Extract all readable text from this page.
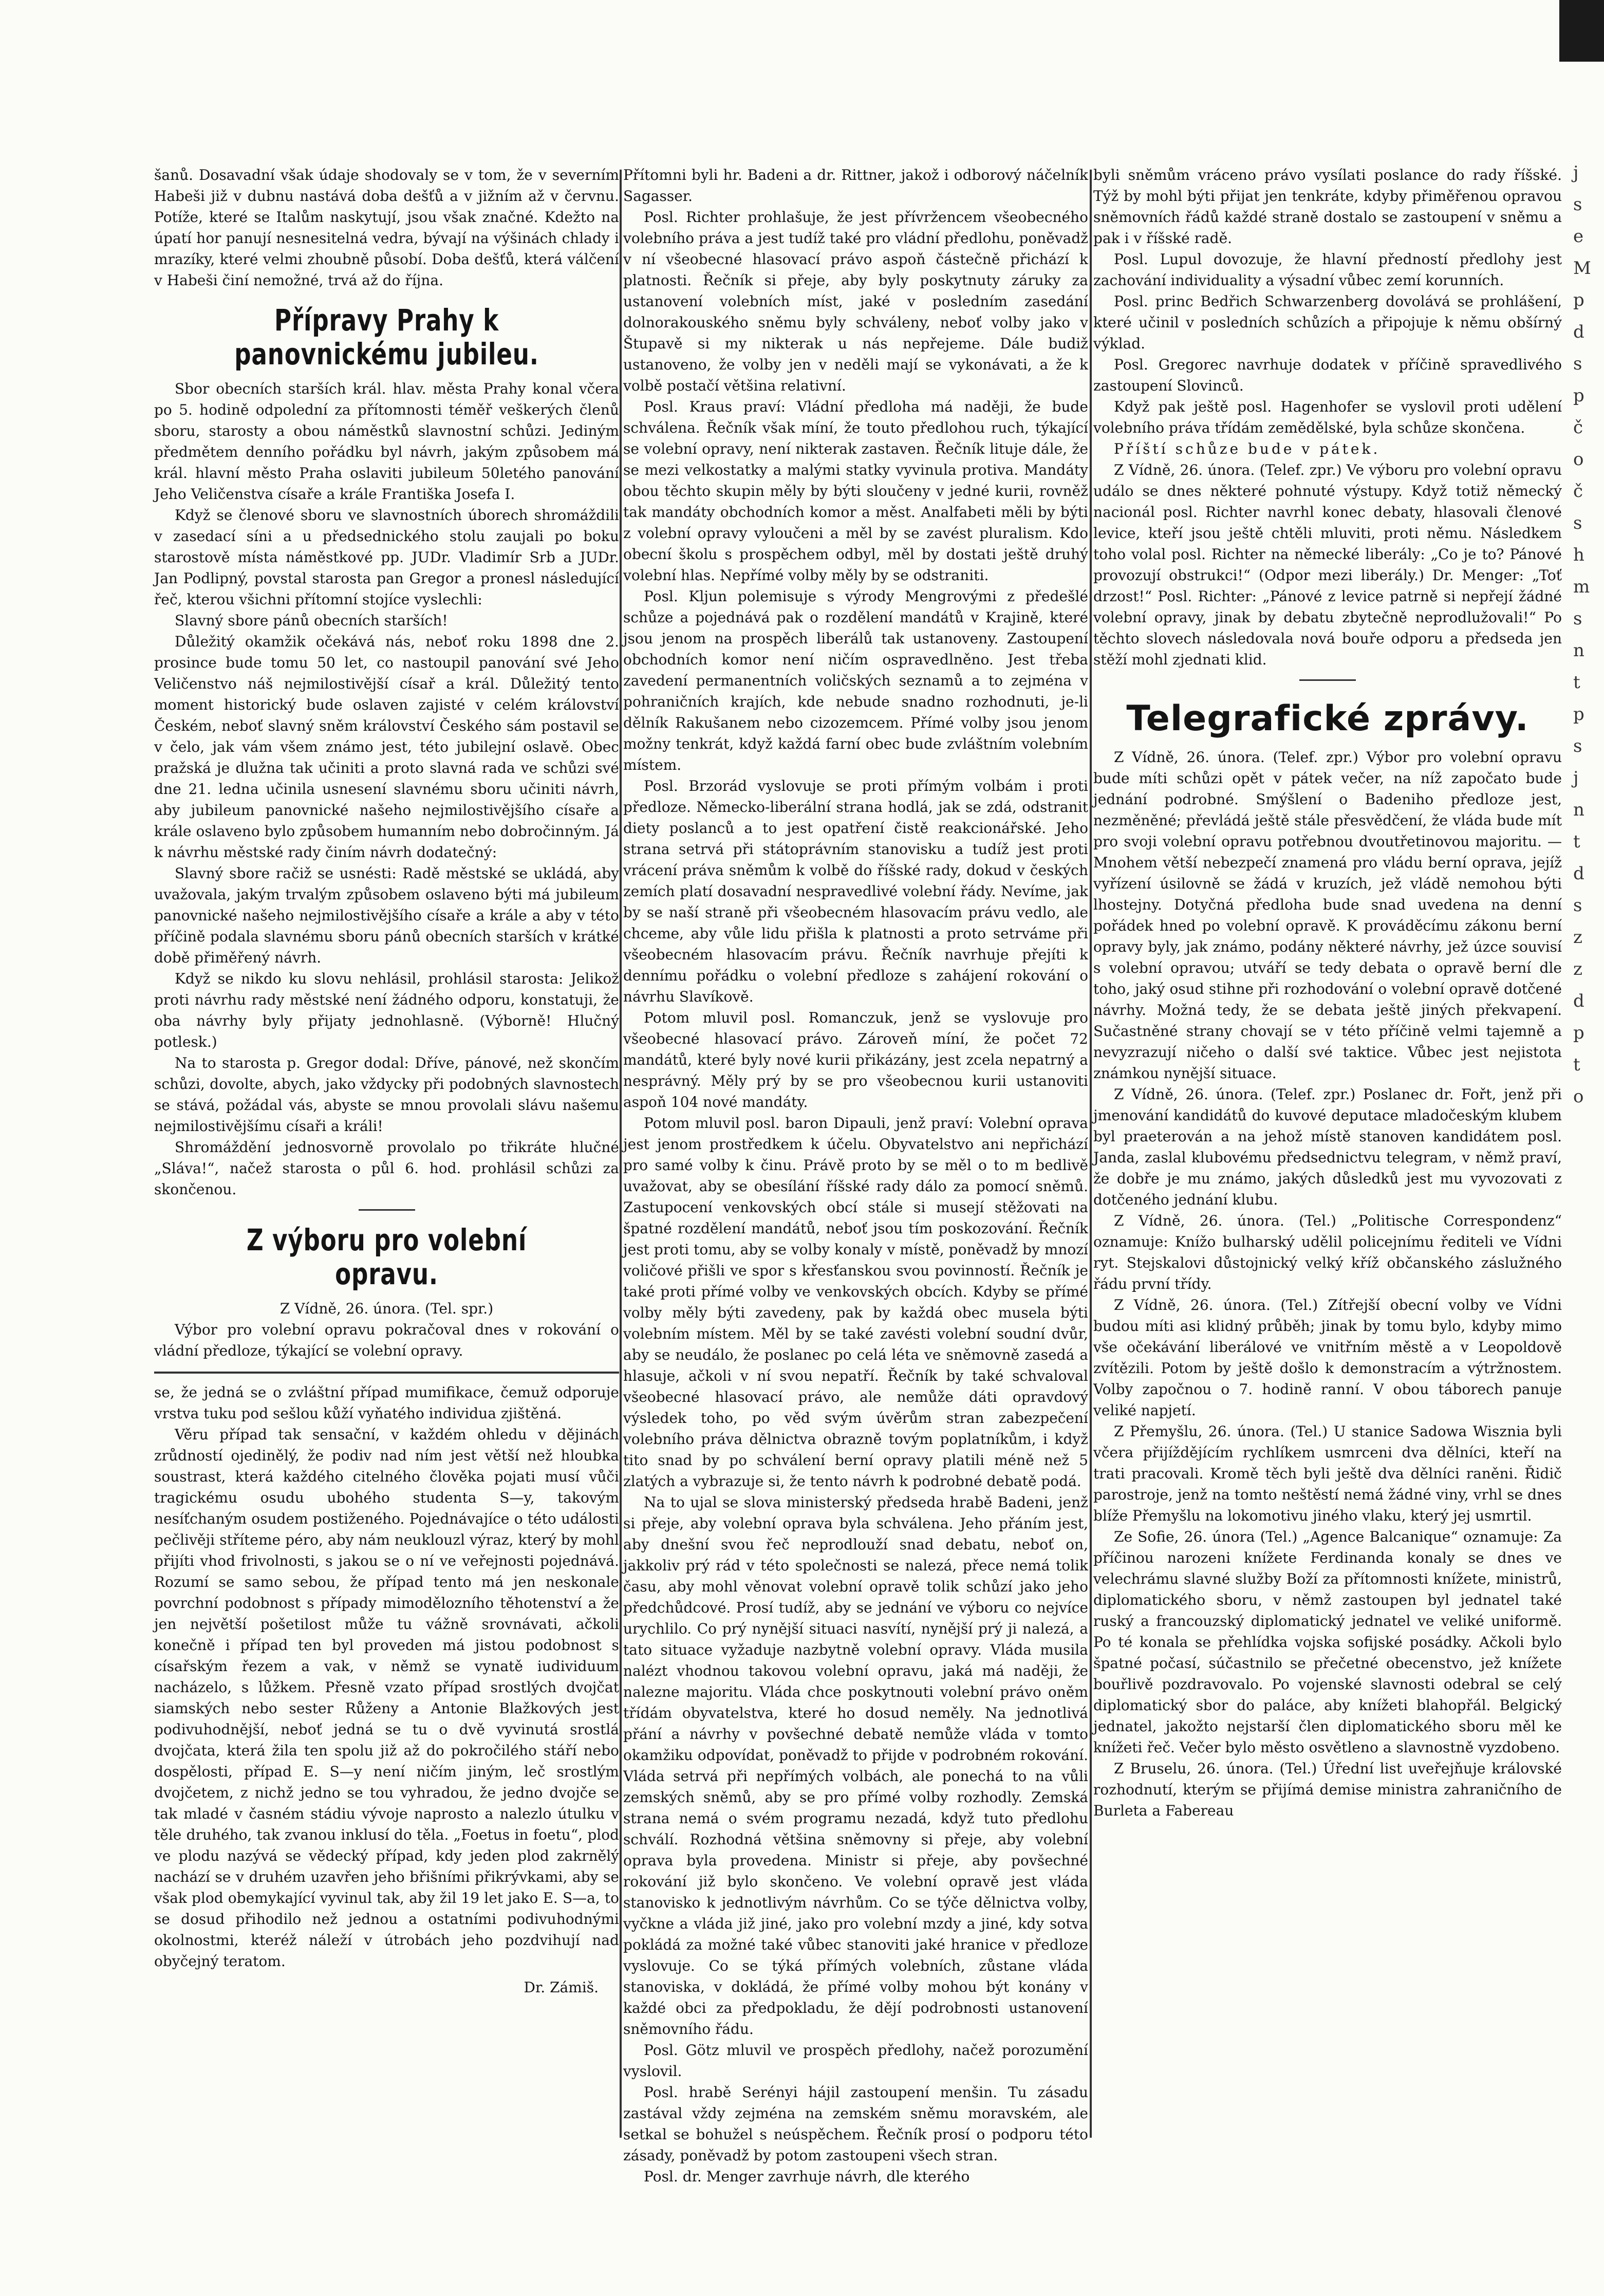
j
s
e
M
p
d
s
p
č
o
č
s
h
m
s
n
t
p
s
j
n
t
d
s
z
z
d
p
t
o

šanů. Dosavadní však údaje shodovaly se v tom, že v severním Habeši již v dubnu nastává doba dešťů a v jižním až v červnu. Potíže, které se Italům naskytují, jsou však značné. Kdežto na úpatí hor panují nesnesitelná vedra, bývají na výšinách chlady i mrazíky, které velmi zhoubně působí. Doba dešťů, která válčení v Habeši činí nemožné, trvá až do října.

Přípravy Prahy k panovnickému jubileu.

Sbor obecních starších král. hlav. města Prahy konal včera po 5. hodině odpolední za přítomnosti téměř veškerých členů sboru, starosty a obou náměstků slavnostní schůzi. Jediným předmětem denního pořádku byl návrh, jakým způsobem má král. hlavní město Praha oslaviti jubileum 50letého panování Jeho Veličenstva císaře a krále Františka Josefa I.

Když se členové sboru ve slavnostních úborech shromáždili v zasedací síni a u předsednického stolu zaujali po boku starostově místa náměstkové pp. JUDr. Vladimír Srb a JUDr. Jan Podlipný, povstal starosta pan Gregor a pronesl následující řeč, kterou všichni přítomní stojíce vyslechli:

Slavný sbore pánů obecních starších!

Důležitý okamžik očekává nás, neboť roku 1898 dne 2. prosince bude tomu 50 let, co nastoupil panování své Jeho Veličenstvo náš nejmilostivější císař a král. Důležitý tento moment historický bude oslaven zajisté v celém království Českém, neboť slavný sněm království Českého sám postavil se v čelo, jak vám všem známo jest, této jubilejní oslavě. Obec pražská je dlužna tak učiniti a proto slavná rada ve schůzi své dne 21. ledna učinila usnesení slavnému sboru učiniti návrh, aby jubileum panovnické našeho nejmilostivějšího císaře a krále oslaveno bylo způsobem humanním nebo dobročinným. Já k návrhu městské rady činím návrh dodatečný:

Slavný sbore račiž se usnésti: Radě městské se ukládá, aby uvažovala, jakým trvalým způsobem oslaveno býti má jubileum panovnické našeho nejmilostivějšího císaře a krále a aby v této příčině podala slavnému sboru pánů obecních starších v krátké době přiměřený návrh.

Když se nikdo ku slovu nehlásil, prohlásil starosta: Jelikož proti návrhu rady městské není žádného odporu, konstatuji, že oba návrhy byly přijaty jednohlasně. (Výborně! Hlučný potlesk.)

Na to starosta p. Gregor dodal: Dříve, pánové, než skončím schůzi, dovolte, abych, jako vždycky při podobných slavnostech se stává, požádal vás, abyste se mnou provolali slávu našemu nejmilostivějšímu císaři a králi!

Shromáždění jednosvorně provolalo po třikráte hlučné „Sláva!“, načež starosta o půl 6. hod. prohlásil schůzi za skončenou.

Z výboru pro volební opravu.

Z Vídně, 26. února. (Tel. spr.)

Výbor pro volební opravu pokračoval dnes v rokování o vládní předloze, týkající se volební opravy.

se, že jedná se o zvláštní případ mumifikace, čemuž odporuje vrstva tuku pod sešlou kůží vyňatého individua zjištěná.

Věru případ tak sensační, v každém ohledu v dějinách zrůdností ojedinělý, že podiv nad ním jest větší než hloubka soustrast, která každého citelného člověka pojati musí vůči tragickému osudu ubohého studenta S—y, takovým nesíťchaným osudem postiženého. Pojednávajíce o této události pečlivěji stříteme péro, aby nám neuklouzl výraz, který by mohl přijíti vhod frivolnosti, s jakou se o ní ve veřejnosti pojednává. Rozumí se samo sebou, že případ tento má jen neskonale povrchní podobnost s případy mimodělozního těhotenství a že jen největší pošetilost může tu vážně srovnávati, ačkoli konečně i případ ten byl proveden má jistou podobnost s císařským řezem a vak, v němž se vynatě iudividuum nacházelo, s lůžkem. Přesně vzato případ srostlých dvojčat siamských nebo sester Růženy a Antonie Blažkových jest podivuhodnější, neboť jedná se tu o dvě vyvinutá srostlá dvojčata, která žila ten spolu již až do pokročilého stáří nebo dospělosti, případ E. S—y není ničím jiným, leč srostlým dvojčetem, z nichž jedno se tou vyhradou, že jedno dvojče se tak mladé v časném stádiu vývoje naprosto a nalezlo útulku v těle druhého, tak zvanou inklusí do těla. „Foetus in foetu“, plod ve plodu nazývá se vědecký případ, kdy jeden plod zakrnělý nachází se v druhém uzavřen jeho břišními přikrývkami, aby se však plod obemykající vyvinul tak, aby žil 19 let jako E. S—a, to se dosud přihodilo než jednou a ostatními podivuhodnými okolnostmi, kteréž náleží v útrobách jeho pozdvihují nad obyčejný teratom.

Dr. Zámiš.

Přítomni byli hr. Badeni a dr. Rittner, jakož i odborový náčelník Sagasser.

Posl. Richter prohlašuje, že jest přívržencem všeobecného volebního práva a jest tudíž také pro vládní předlohu, poněvadž v ní všeobecné hlasovací právo aspoň částečně přichází k platnosti. Řečník si přeje, aby byly poskytnuty záruky za ustanovení volebních míst, jaké v posledním zasedání dolnorakouského sněmu byly schváleny, neboť volby jako v Štupavě si my nikterak u nás nepřejeme. Dále budiž ustanoveno, že volby jen v neděli mají se vykonávati, a že k volbě postačí většina relativní.

Posl. Kraus praví: Vládní předloha má naději, že bude schválena. Řečník však míní, že touto předlohou ruch, týkající se volební opravy, není nikterak zastaven. Řečník lituje dále, že se mezi velkostatky a malými statky vyvinula protiva. Mandáty obou těchto skupin měly by býti sloučeny v jedné kurii, rovněž tak mandáty obchodních komor a měst. Analfabeti měli by býti z volební opravy vyloučeni a měl by se zavést pluralism. Kdo obecní školu s prospěchem odbyl, měl by dostati ještě druhý volební hlas. Nepřímé volby měly by se odstraniti.

Posl. Kljun polemisuje s výrody Mengrovými z předešlé schůze a pojednává pak o rozdělení mandátů v Krajině, které jsou jenom na prospěch liberálů tak ustanoveny. Zastoupení obchodních komor není ničím ospravedlněno. Jest třeba zavedení permanentních voličských seznamů a to zejména v pohraničních krajích, kde nebude snadno rozhodnuti, je-li dělník Rakušanem nebo cizozemcem. Přímé volby jsou jenom možny tenkrát, když každá farní obec bude zvláštním volebním místem.

Posl. Brzorád vyslovuje se proti přímým volbám i proti předloze. Německo-liberální strana hodlá, jak se zdá, odstranit diety poslanců a to jest opatření čistě reakcionářské. Jeho strana setrvá při státoprávním stanovisku a tudíž jest proti vrácení práva sněmům k volbě do říšské rady, dokud v českých zemích platí dosavadní nespravedlivé volební řády. Nevíme, jak by se naší straně při všeobecném hlasovacím právu vedlo, ale chceme, aby vůle lidu přišla k platnosti a proto setrváme při všeobecném hlasovacím právu. Řečník navrhuje přejíti k dennímu pořádku o volební předloze s zahájení rokování o návrhu Slavíkově.

Potom mluvil posl. Romanczuk, jenž se vyslovuje pro všeobecné hlasovací právo. Zároveň míní, že počet 72 mandátů, které byly nové kurii přikázány, jest zcela nepatrný a nesprávný. Měly prý by se pro všeobecnou kurii ustanoviti aspoň 104 nové mandáty.

Potom mluvil posl. baron Dipauli, jenž praví: Volební oprava jest jenom prostředkem k účelu. Obyvatelstvo ani nepřichází pro samé volby k činu. Právě proto by se měl o to m bedlivě uvažovat, aby se obesílání říšské rady dálo za pomocí sněmů. Zastupocení venkovských obcí stále si musejí stěžovati na špatné rozdělení mandátů, neboť jsou tím poskozování. Řečník jest proti tomu, aby se volby konaly v místě, poněvadž by mnozí voličové přišli ve spor s křesťanskou svou povinností. Řečník je také proti přímé volby ve venkovských obcích. Kdyby se přímé volby měly býti zavedeny, pak by každá obec musela býti volebním místem. Měl by se také zavésti volební soudní dvůr, aby se neudálo, že poslanec po celá léta ve sněmovně zasedá a hlasuje, ačkoli v ní svou nepatří. Řečník by také schvaloval všeobecné hlasovací právo, ale nemůže dáti opravdový výsledek toho, po věd svým úvěrům stran zabezpečení volebního práva dělnictva obrazně tovým poplatníkům, i když tito snad by po schválení berní opravy platili méně než 5 zlatých a vybrazuje si, že tento návrh k podrobné debatě podá.

Na to ujal se slova ministerský předseda hrabě Badeni, jenž si přeje, aby volební oprava byla schválena. Jeho přáním jest, aby dnešní svou řeč neprodlouží snad debatu, neboť on, jakkoliv prý rád v této společnosti se nalezá, přece nemá tolik času, aby mohl věnovat volební opravě tolik schůzí jako jeho předchůdcové. Prosí tudíž, aby se jednání ve výboru co nejvíce urychlilo. Co prý nynější situaci nasvítí, nynější prý ji nalezá, a tato situace vyžaduje nazbytně volební opravy. Vláda musila nalézt vhodnou takovou volební opravu, jaká má naději, že nalezne majoritu. Vláda chce poskytnouti volební právo oněm třídám obyvatelstva, které ho dosud neměly. Na jednotlivá přání a návrhy v povšechné debatě nemůže vláda v tomto okamžiku odpovídat, poněvadž to přijde v podrobném rokování. Vláda setrvá při nepřímých volbách, ale ponechá to na vůli zemských sněmů, aby se pro přímé volby rozhodly. Zemská strana nemá o svém programu nezadá, když tuto předlohu schválí. Rozhodná většina sněmovny si přeje, aby volební oprava byla provedena. Ministr si přeje, aby povšechné rokování již bylo skončeno. Ve volební opravě jest vláda stanovisko k jednotlivým návrhům. Co se týče dělnictva volby, vyčkne a vláda již jiné, jako pro volební mzdy a jiné, kdy sotva pokládá za možné také vůbec stanoviti jaké hranice v předloze vyslovuje. Co se týká přímých volebních, zůstane vláda stanoviska, v dokládá, že přímé volby mohou být konány v každé obci za předpokladu, že dějí podrobnosti ustanovení sněmovního řádu.

Posl. Götz mluvil ve prospěch předlohy, načež porozumění vyslovil.

Posl. hrabě Serényi hájil zastoupení menšin. Tu zásadu zastával vždy zejména na zemském sněmu moravském, ale setkal se bohužel s neúspěchem. Řečník prosí o podporu této zásady, poněvadž by potom zastoupeni všech stran.

Posl. dr. Menger zavrhuje návrh, dle kterého

byli sněmům vráceno právo vysílati poslance do rady říšské. Týž by mohl býti přijat jen tenkráte, kdyby přiměřenou opravou sněmovních řádů každé straně dostalo se zastoupení v sněmu a pak i v říšské radě.

Posl. Lupul dovozuje, že hlavní předností předlohy jest zachování individuality a výsadní vůbec zemí korunních.

Posl. princ Bedřich Schwarzenberg dovolává se prohlášení, které učinil v posledních schůzích a připojuje k němu obšírný výklad.

Posl. Gregorec navrhuje dodatek v příčině spravedlivého zastoupení Slovinců.

Když pak ještě posl. Hagenhofer se vyslovil proti udělení volebního práva třídám zemědělské, byla schůze skončena.

Příští schůze bude v pátek.

Z Vídně, 26. února. (Telef. zpr.) Ve výboru pro volební opravu událo se dnes některé pohnuté výstupy. Když totiž německý nacionál posl. Richter navrhl konec debaty, hlasovali členové levice, kteří jsou ještě chtěli mluviti, proti němu. Následkem toho volal posl. Richter na německé liberály: „Co je to? Pánové provozují obstrukci!“ (Odpor mezi liberály.) Dr. Menger: „Toť drzost!“ Posl. Richter: „Pánové z levice patrně si nepřejí žádné volební opravy, jinak by debatu zbytečně neprodlužovali!“ Po těchto slovech následovala nová bouře odporu a předseda jen stěží mohl zjednati klid.

Telegrafické zprávy.

Z Vídně, 26. února. (Telef. zpr.) Výbor pro volební opravu bude míti schůzi opět v pátek večer, na níž započato bude jednání podrobné. Smýšlení o Badeniho předloze jest, nezměněné; převládá ještě stále přesvědčení, že vláda bude mít pro svoji volební opravu potřebnou dvoutřetinovou majoritu. — Mnohem větší nebezpečí znamená pro vládu berní oprava, jejíž vyřízení úsilovně se žádá v kruzích, jež vládě nemohou býti lhostejny. Dotyčná předloha bude snad uvedena na denní pořádek hned po volební opravě. K prováděcímu zákonu berní opravy byly, jak známo, podány některé návrhy, jež úzce souvisí s volební opravou; utváří se tedy debata o opravě berní dle toho, jaký osud stihne při rozhodování o volební opravě dotčené návrhy. Možná tedy, že se debata ještě jiných překvapení. Sučastněné strany chovají se v této příčině velmi tajemně a nevyzrazují ničeho o další své taktice. Vůbec jest nejistota známkou nynější situace.

Z Vídně, 26. února. (Telef. zpr.) Poslanec dr. Fořt, jenž při jmenování kandidátů do kuvové deputace mladočeským klubem byl praeterován a na jehož místě stanoven kandidátem posl. Janda, zaslal klubovému předsednictvu telegram, v němž praví, že dobře je mu známo, jakých důsledků jest mu vyvozovati z dotčeného jednání klubu.

Z Vídně, 26. února. (Tel.) „Politische Correspondenz“ oznamuje: Knížo bulharský udělil policejnímu řediteli ve Vídni ryt. Stejskalovi důstojnický velký kříž občanského záslužného řádu první třídy.

Z Vídně, 26. února. (Tel.) Zítřejší obecní volby ve Vídni budou míti asi klidný průběh; jinak by tomu bylo, kdyby mimo vše očekávání liberálové ve vnitřním městě a v Leopoldově zvítězili. Potom by ještě došlo k demonstracím a výtržnostem. Volby započnou o 7. hodině ranní. V obou táborech panuje veliké napjetí.

Z Přemyšlu, 26. února. (Tel.) U stanice Sadowa Wisznia byli včera přijíždějícím rychlíkem usmrceni dva dělníci, kteří na trati pracovali. Kromě těch byli ještě dva dělníci raněni. Řidič parostroje, jenž na tomto neštěstí nemá žádné viny, vrhl se dnes blíže Přemyšlu na lokomotivu jiného vlaku, který jej usmrtil.

Ze Sofie, 26. února (Tel.) „Agence Balcanique“ oznamuje: Za příčinou narozeni knížete Ferdinanda konaly se dnes ve velechrámu slavné služby Boží za přítomnosti knížete, ministrů, diplomatického sboru, v němž zastoupen byl jednatel také ruský a francouzský diplomatický jednatel ve veliké uniformě. Po té konala se přehlídka vojska sofijské posádky. Ačkoli bylo špatné počasí, súčastnilo se přečetné obecenstvo, jež knížete bouřlivě pozdravovalo. Po vojenské slavnosti odebral se celý diplomatický sbor do paláce, aby knížeti blahopřál. Belgický jednatel, jakožto nejstarší člen diplomatického sboru měl ke knížeti řeč. Večer bylo město osvětleno a slavnostně vyzdobeno.

Z Bruselu, 26. února. (Tel.) Úřední list uveřejňuje královské rozhodnutí, kterým se přijímá demise ministra zahraničního de Burleta a Fabereau
